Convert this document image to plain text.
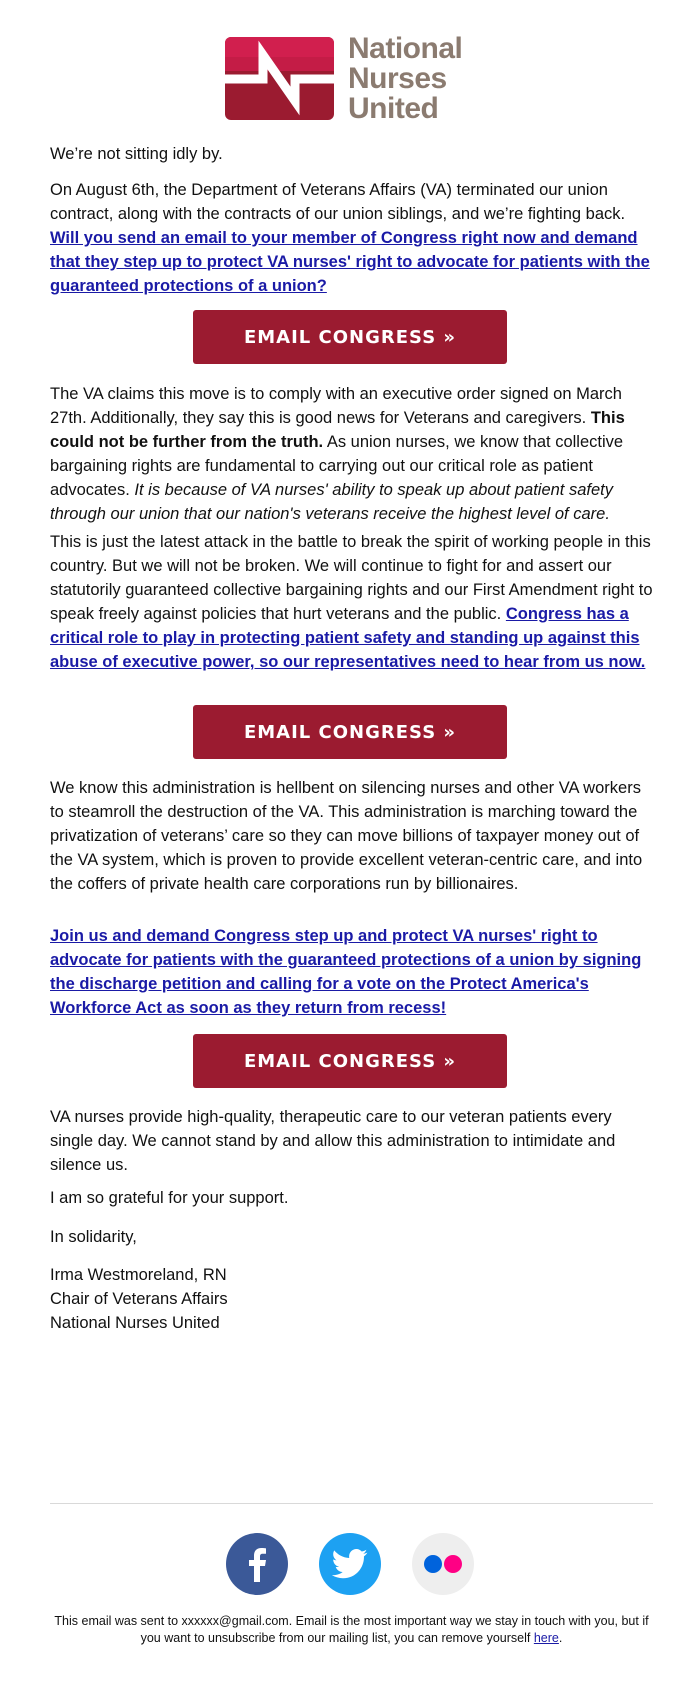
National
Nurses
United

We’re not sitting idly by.

On August 6th, the Department of Veterans Affairs (VA) terminated our union contract, along with the contracts of our union siblings, and we’re fighting back. Will you send an email to your member of Congress right now and demand that they step up to protect VA nurses' right to advocate for patients with the guaranteed protections of a union?

EMAIL CONGRESS »

The VA claims this move is to comply with an executive order signed on March 27th. Additionally, they say this is good news for Veterans and caregivers. This could not be further from the truth. As union nurses, we know that collective bargaining rights are fundamental to carrying out our critical role as patient advocates. It is because of VA nurses' ability to speak up about patient safety through our union that our nation's veterans receive the highest level of care.

This is just the latest attack in the battle to break the spirit of working people in this country. But we will not be broken. We will continue to fight for and assert our statutorily guaranteed collective bargaining rights and our First Amendment right to speak freely against policies that hurt veterans and the public. Congress has a critical role to play in protecting patient safety and standing up against this abuse of executive power, so our representatives need to hear from us now.

EMAIL CONGRESS »

We know this administration is hellbent on silencing nurses and other VA workers to steamroll the destruction of the VA. This administration is marching toward the privatization of veterans’ care so they can move billions of taxpayer money out of the VA system, which is proven to provide excellent veteran-centric care, and into the coffers of private health care corporations run by billionaires.

Join us and demand Congress step up and protect VA nurses' right to advocate for patients with the guaranteed protections of a union by signing the discharge petition and calling for a vote on the Protect America's Workforce Act as soon as they return from recess!

EMAIL CONGRESS »

VA nurses provide high-quality, therapeutic care to our veteran patients every single day. We cannot stand by and allow this administration to intimidate and silence us.

I am so grateful for your support.

In solidarity,

Irma Westmoreland, RN

Chair of Veterans Affairs

National Nurses United

This email was sent to xxxxxx@gmail.com. Email is the most important way we stay in touch with you, but if you want to unsubscribe from our mailing list, you can remove yourself here.
